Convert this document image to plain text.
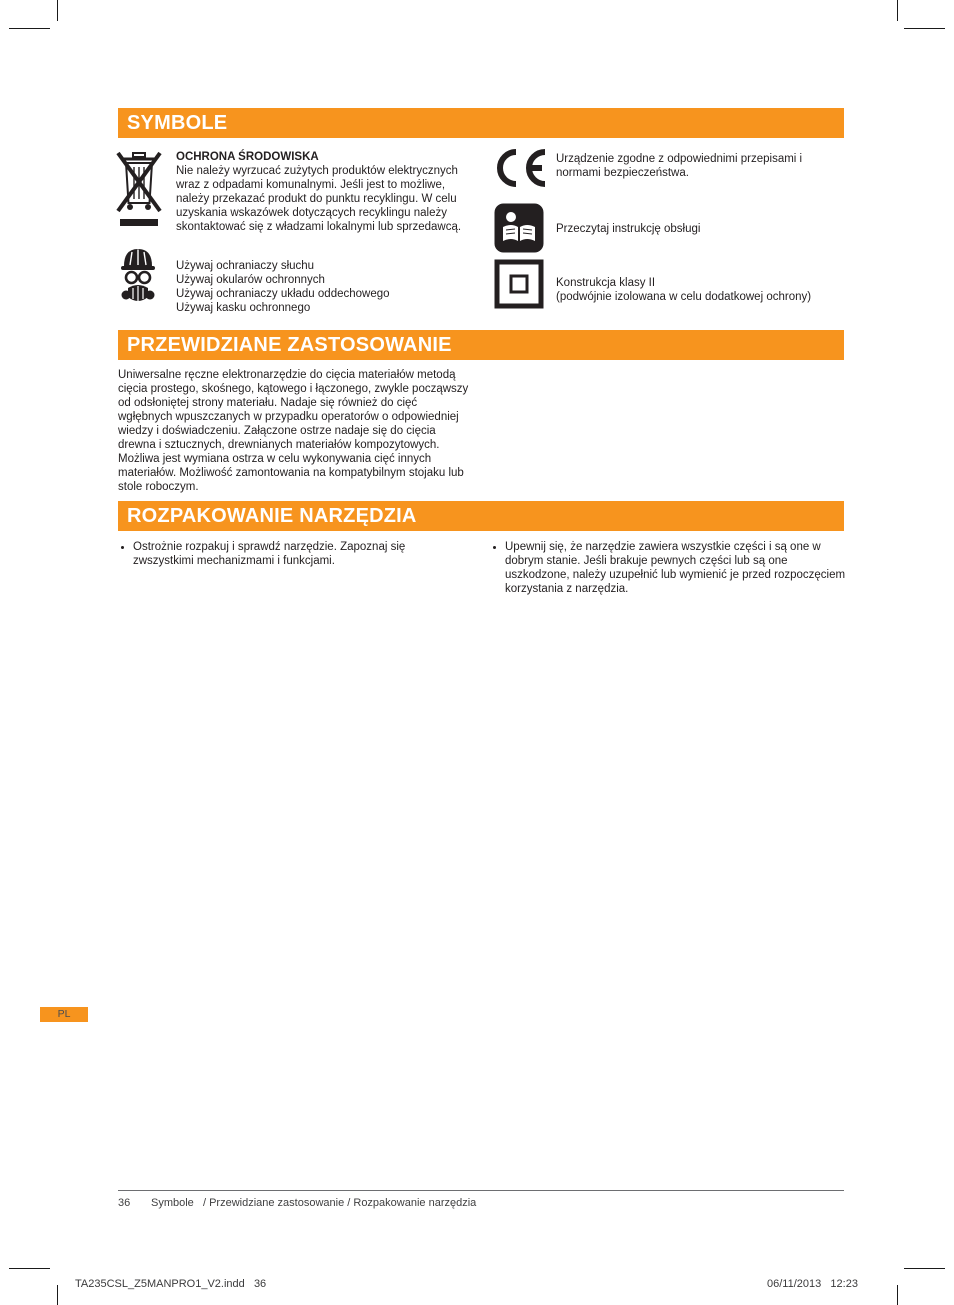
SYMBOLE
OCHRONA ŚRODOWISKA
Nie należy wyrzucać zużytych produktów elektrycznych wraz z odpadami komunalnymi. Jeśli jest to możliwe, należy przekazać produkt do punktu recyklingu. W celu uzyskania wskazówek dotyczących recyklingu należy skontaktować się z władzami lokalnymi lub sprzedawcą.
Używaj ochraniaczy słuchu
Używaj okularów ochronnych
Używaj ochraniaczy układu oddechowego
Używaj kasku ochronnego
Urządzenie zgodne z odpowiednimi przepisami i normami bezpieczeństwa.
Przeczytaj instrukcję obsługi
Konstrukcja klasy II
(podwójnie izolowana w celu dodatkowej ochrony)
PRZEWIDZIANE ZASTOSOWANIE
Uniwersalne ręczne elektronarzędzie do cięcia materiałów metodą cięcia prostego, skośnego, kątowego i łączonego, zwykle począwszy od odsłoniętej strony materiału. Nadaje się również do cięć wgłębnych wpuszczanych w przypadku operatorów o odpowiedniej wiedzy i doświadczeniu. Załączone ostrze nadaje się do cięcia drewna i sztucznych, drewnianych materiałów kompozytowych. Możliwa jest wymiana ostrza w celu wykonywania cięć innych materiałów. Możliwość zamontowania na kompatybilnym stojaku lub stole roboczym.
ROZPAKOWANIE NARZĘDZIA
Ostrożnie rozpakuj i sprawdź narzędzie. Zapoznaj się zwszystkimi mechanizmami i funkcjami.
Upewnij się, że narzędzie zawiera wszystkie części i są one w dobrym stanie. Jeśli brakuje pewnych części lub są one uszkodzone, należy uzupełnić lub wymienić je przed rozpoczęciem korzystania z narzędzia.
PL
36 Symbole   / Przewidziane zastosowanie / Rozpakowanie narzędzia
TA235CSL_Z5MANPRO1_V2.indd   36	06/11/2013   12:23
